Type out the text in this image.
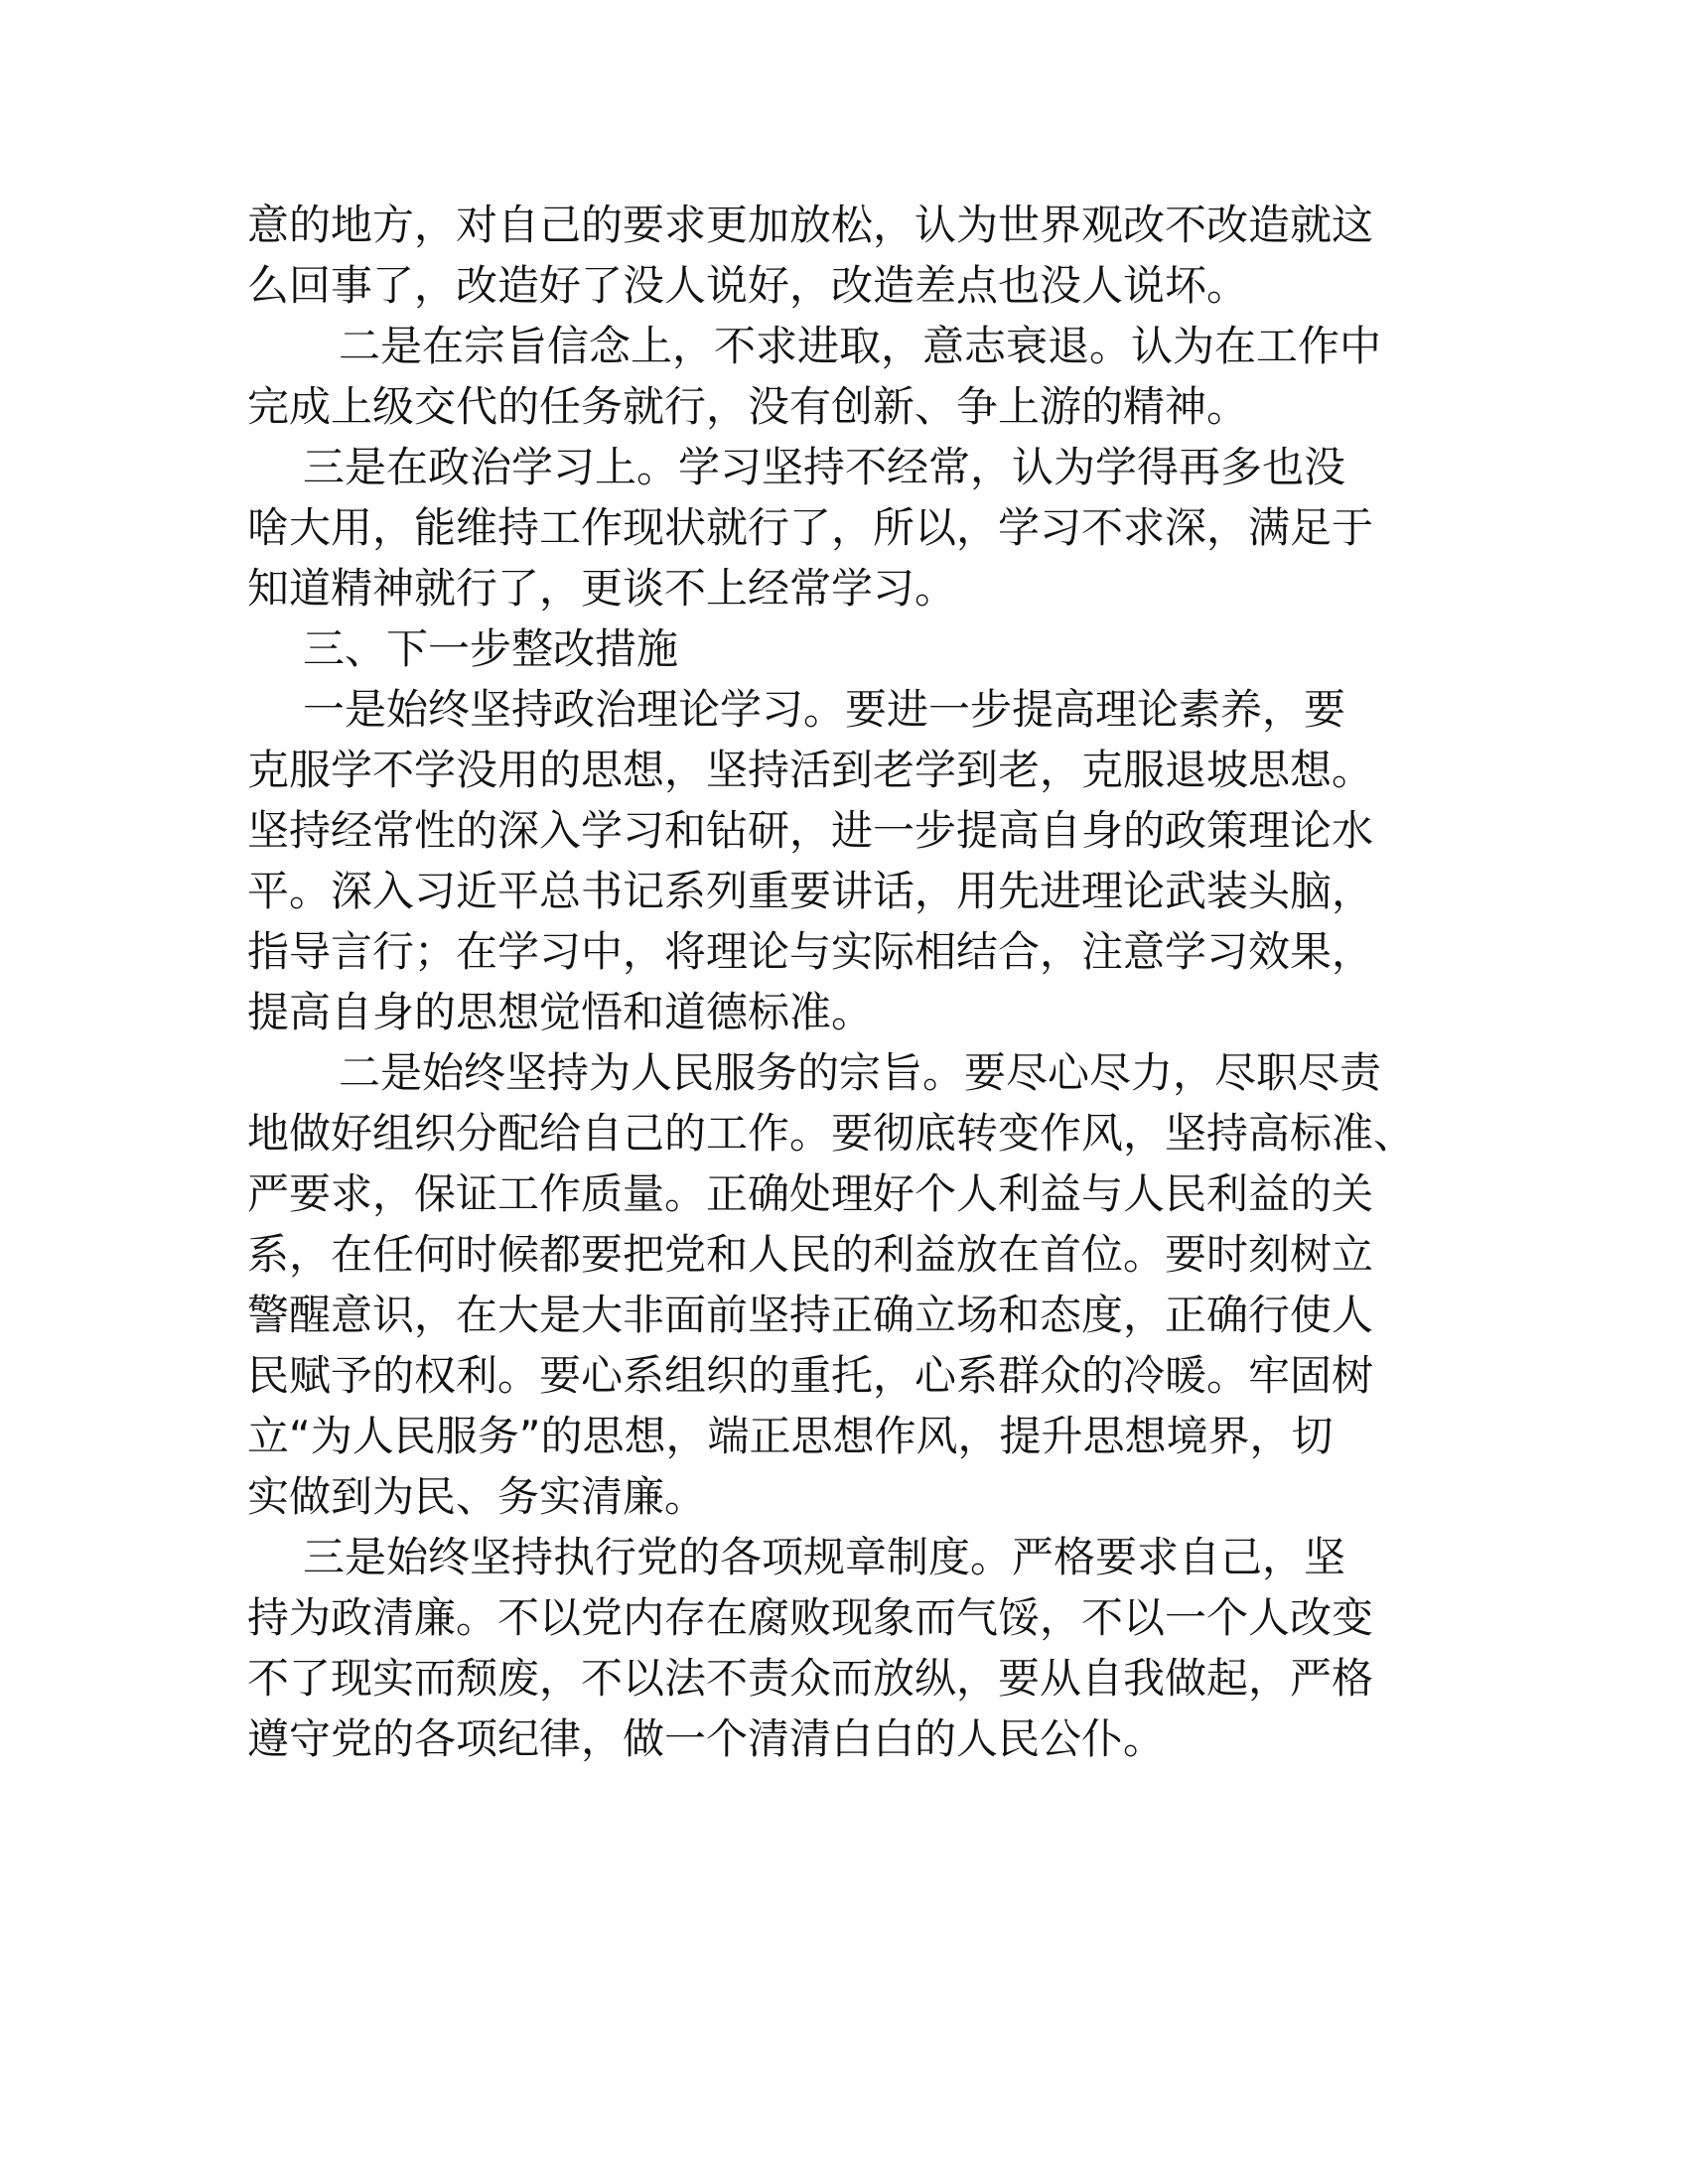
意的地方，对自己的要求更加放松，认为世界观改不改造就这
么回事了，改造好了没人说好，改造差点也没人说坏。
二是在宗旨信念上，不求进取，意志衰退。认为在工作中
完成上级交代的任务就行，没有创新、争上游的精神。
三是在政治学习上。学习坚持不经常，认为学得再多也没
啥大用，能维持工作现状就行了，所以，学习不求深，满足于
知道精神就行了，更谈不上经常学习。
三、下一步整改措施
一是始终坚持政治理论学习。要进一步提高理论素养，要
克服学不学没用的思想，坚持活到老学到老，克服退坡思想。
坚持经常性的深入学习和钻研，进一步提高自身的政策理论水
平。深入习近平总书记系列重要讲话，用先进理论武装头脑，
指导言行；在学习中，将理论与实际相结合，注意学习效果，
提高自身的思想觉悟和道德标准。
二是始终坚持为人民服务的宗旨。要尽心尽力，尽职尽责
地做好组织分配给自己的工作。要彻底转变作风，坚持高标准、
严要求，保证工作质量。正确处理好个人利益与人民利益的关
系，在任何时候都要把党和人民的利益放在首位。要时刻树立
警醒意识，在大是大非面前坚持正确立场和态度，正确行使人
民赋予的权利。要心系组织的重托，心系群众的冷暖。牢固树
立“为人民服务”的思想，端正思想作风，提升思想境界，切
实做到为民、务实清廉。
三是始终坚持执行党的各项规章制度。严格要求自己，坚
持为政清廉。不以党内存在腐败现象而气馁，不以一个人改变
不了现实而颓废，不以法不责众而放纵，要从自我做起，严格
遵守党的各项纪律，做一个清清白白的人民公仆。
